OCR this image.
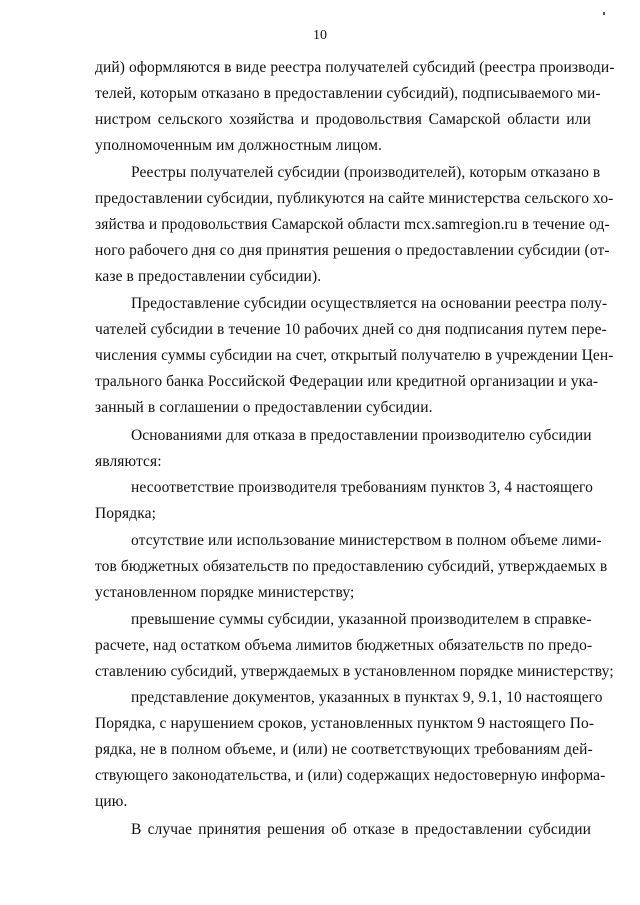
10
дий) оформляются в виде реестра получателей субсидий (реестра производи-
телей, которым отказано в предоставлении субсидий), подписываемого ми-
нистром сельского хозяйства и продовольствия Самарской области или
уполномоченным им должностным лицом.
Реестры получателей субсидии (производителей), которым отказано в
предоставлении субсидии, публикуются на сайте министерства сельского хо-
зяйства и продовольствия Самарской области mcx.samregion.ru в течение од-
ного рабочего дня со дня принятия решения о предоставлении субсидии (от-
казе в предоставлении субсидии).
Предоставление субсидии осуществляется на основании реестра полу-
чателей субсидии в течение 10 рабочих дней со дня подписания путем пере-
числения суммы субсидии на счет, открытый получателю в учреждении Цен-
трального банка Российской Федерации или кредитной организации и ука-
занный в соглашении о предоставлении субсидии.
Основаниями для отказа в предоставлении производителю субсидии
являются:
несоответствие производителя требованиям пунктов 3, 4 настоящего
Порядка;
отсутствие или использование министерством в полном объеме лими-
тов бюджетных обязательств по предоставлению субсидий, утверждаемых в
установленном порядке министерству;
превышение суммы субсидии, указанной производителем в справке-
расчете, над остатком объема лимитов бюджетных обязательств по предо-
ставлению субсидий, утверждаемых в установленном порядке министерству;
представление документов, указанных в пунктах 9, 9.1, 10 настоящего
Порядка, с нарушением сроков, установленных пунктом 9 настоящего По-
рядка, не в полном объеме, и (или) не соответствующих требованиям дей-
ствующего законодательства, и (или) содержащих недостоверную информа-
цию.
В случае принятия решения об отказе в предоставлении субсидии
